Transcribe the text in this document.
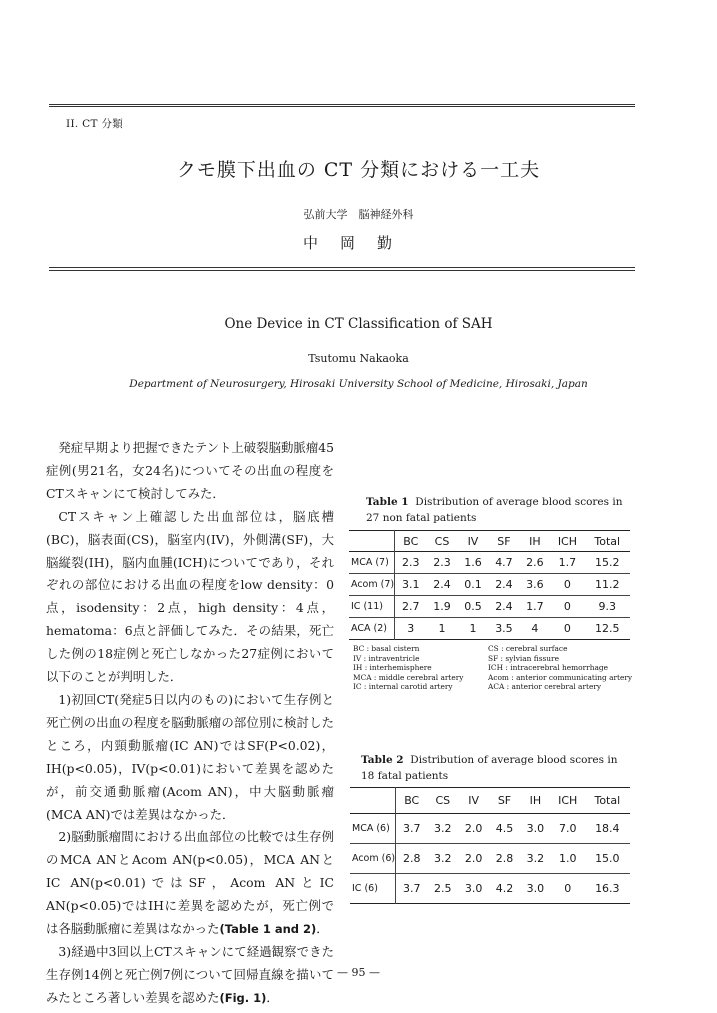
II. CT 分類
クモ膜下出血の CT 分類における一工夫
弘前大学　脳神経外科
中岡勤
One Device in CT Classification of SAH
Tsutomu Nakaoka
Department of Neurosurgery, Hirosaki University School of Medicine, Hirosaki, Japan

発症早期より把握できたテント上破裂脳動脈瘤45症例(男21名，女24名)についてその出血の程度をCTスキャンにて検討してみた．

CTスキャン上確認した出血部位は，脳底槽(BC)，脳表面(CS)，脳室内(IV)，外側溝(SF)，大脳縦裂(IH)，脳内血腫(ICH)についてであり，それぞれの部位における出血の程度をlow density：0点，isodensity：2点，high density：4点，hematoma：6点と評価してみた．その結果，死亡した例の18症例と死亡しなかった27症例において以下のことが判明した．

1)初回CT(発症5日以内のもの)において生存例と死亡例の出血の程度を脳動脈瘤の部位別に検討したところ，内頸動脈瘤(IC AN)ではSF(P<0.02)，IH(p<0.05)，IV(p<0.01)において差異を認めたが，前交通動脈瘤(Acom AN)，中大脳動脈瘤(MCA AN)では差異はなかった．

2)脳動脈瘤間における出血部位の比較では生存例のMCA ANとAcom AN(p<0.05)，MCA ANとIC AN(p<0.01)ではSF，Acom ANとIC AN(p<0.05)ではIHに差異を認めたが，死亡例では各脳動脈瘤に差異はなかった(Table 1 and 2)．

3)経過中3回以上CTスキャンにて経過観察できた生存例14例と死亡例7例について回帰直線を描いてみたところ著しい差異を認めた(Fig. 1)．

Table 1 Distribution of average blood scores in 27 non fatal patients
	BC	CS	IV	SF	IH	ICH	Total
MCA (7)	2.3	2.3	1.6	4.7	2.6	1.7	15.2
Acom (7)	3.1	2.4	0.1	2.4	3.6	0	11.2
IC (11)	2.7	1.9	0.5	2.4	1.7	0	9.3
ACA (2)	3	1	1	3.5	4	0	12.5
BC : basal cistern	CS : cerebral surface
IV : intraventricle	SF : sylvian fissure
IH : interhemisphere	ICH : intracerebral hemorrhage
MCA : middle cerebral artery	Acom : anterior communicating artery
IC : internal carotid artery	ACA : anterior cerebral artery
Table 2 Distribution of average blood scores in 18 fatal patients
	BC	CS	IV	SF	IH	ICH	Total
MCA (6)	3.7	3.2	2.0	4.5	3.0	7.0	18.4
Acom (6)	2.8	3.2	2.0	2.8	3.2	1.0	15.0
IC (6)	3.7	2.5	3.0	4.2	3.0	0	16.3
— 95 —
